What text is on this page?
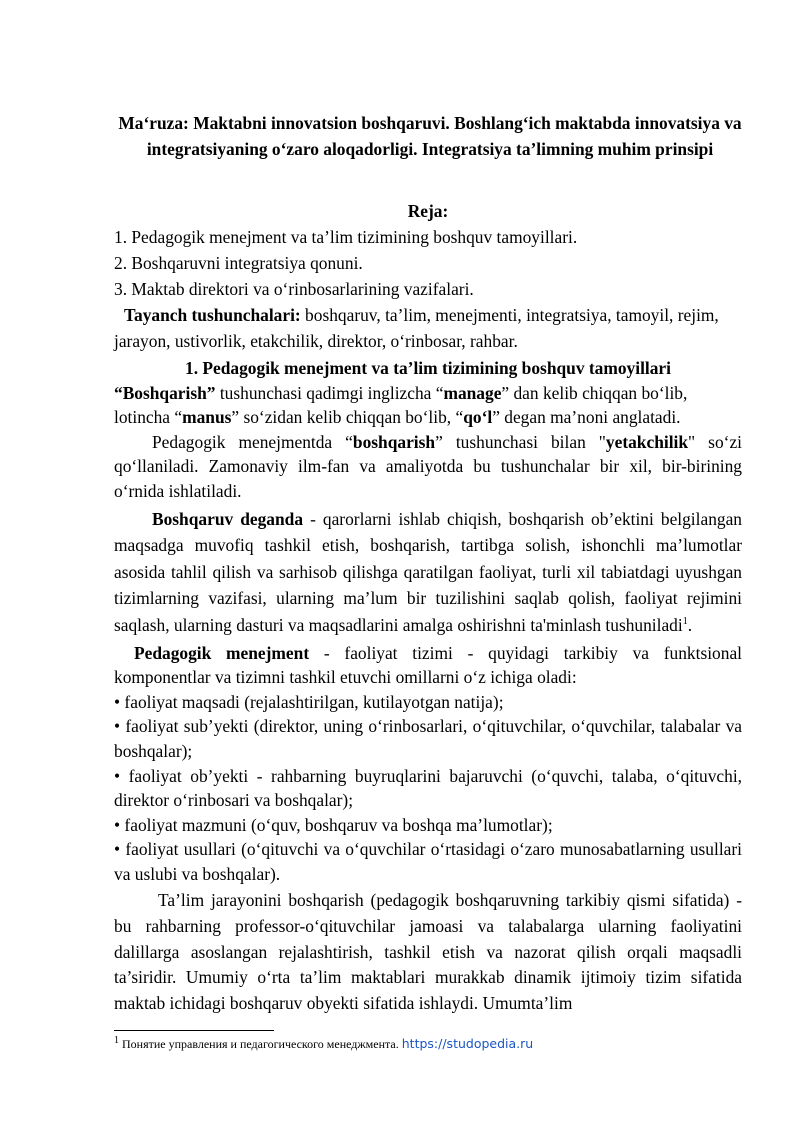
Ma‘ruza: Maktabni innovatsion boshqaruvi. Boshlang‘ich maktabda innovatsiya va integratsiyaning o‘zaro aloqadorligi. Integratsiya ta’limning muhim prinsipi

Reja:

1. Pedagogik menejment va ta’lim tizimining boshquv tamoyillari.

2. Boshqaruvni integratsiya qonuni.

3. Maktab direktori va o‘rinbosarlarining vazifalari.

Tayanch tushunchalari: boshqaruv, ta’lim, menejmenti, integratsiya, tamoyil, rejim, jarayon, ustivorlik, etakchilik, direktor, o‘rinbosar, rahbar.

1. Pedagogik menejment va ta’lim tizimining boshquv tamoyillari

“Boshqarish” tushunchasi qadimgi inglizcha “manage” dan kelib chiqqan bo‘lib, lotincha “manus” so‘zidan kelib chiqqan bo‘lib, “qo‘l” degan ma’noni anglatadi.

Pedagogik menejmentda “boshqarish” tushunchasi bilan "yetakchilik" so‘zi qo‘llaniladi. Zamonaviy ilm-fan va amaliyotda bu tushunchalar bir xil, bir-birining o‘rnida ishlatiladi.

Boshqaruv deganda - qarorlarni ishlab chiqish, boshqarish ob’ektini belgilangan maqsadga muvofiq tashkil etish, boshqarish, tartibga solish, ishonchli ma’lumotlar asosida tahlil qilish va sarhisob qilishga qaratilgan faoliyat, turli xil tabiatdagi uyushgan tizimlarning vazifasi, ularning ma’lum bir tuzilishini saqlab qolish, faoliyat rejimini saqlash, ularning dasturi va maqsadlarini amalga oshirishni ta'minlash tushuniladi$^1$.

Pedagogik menejment - faoliyat tizimi - quyidagi tarkibiy va funktsional komponentlar va tizimni tashkil etuvchi omillarni o‘z ichiga oladi:

• faoliyat maqsadi (rejalashtirilgan, kutilayotgan natija);

• faoliyat sub’yekti (direktor, uning o‘rinbosarlari, o‘qituvchilar, o‘quvchilar, talabalar va boshqalar);

• faoliyat ob’yekti - rahbarning buyruqlarini bajaruvchi (o‘quvchi, talaba, o‘qituvchi, direktor o‘rinbosari va boshqalar);

• faoliyat mazmuni (o‘quv, boshqaruv va boshqa ma’lumotlar);

• faoliyat usullari (o‘qituvchi va o‘quvchilar o‘rtasidagi o‘zaro munosabatlarning usullari va uslubi va boshqalar).

Ta’lim jarayonini boshqarish (pedagogik boshqaruvning tarkibiy qismi sifatida) - bu rahbarning professor-o‘qituvchilar jamoasi va talabalarga ularning faoliyatini dalillarga asoslangan rejalashtirish, tashkil etish va nazorat qilish orqali maqsadli ta’siridir. Umumiy o‘rta ta’lim maktablari murakkab dinamik ijtimoiy tizim sifatida maktab ichidagi boshqaruv obyekti sifatida ishlaydi. Umumta’lim

$^1$ Понятие управления и педагогического менеджмента. https://studopedia.ru
